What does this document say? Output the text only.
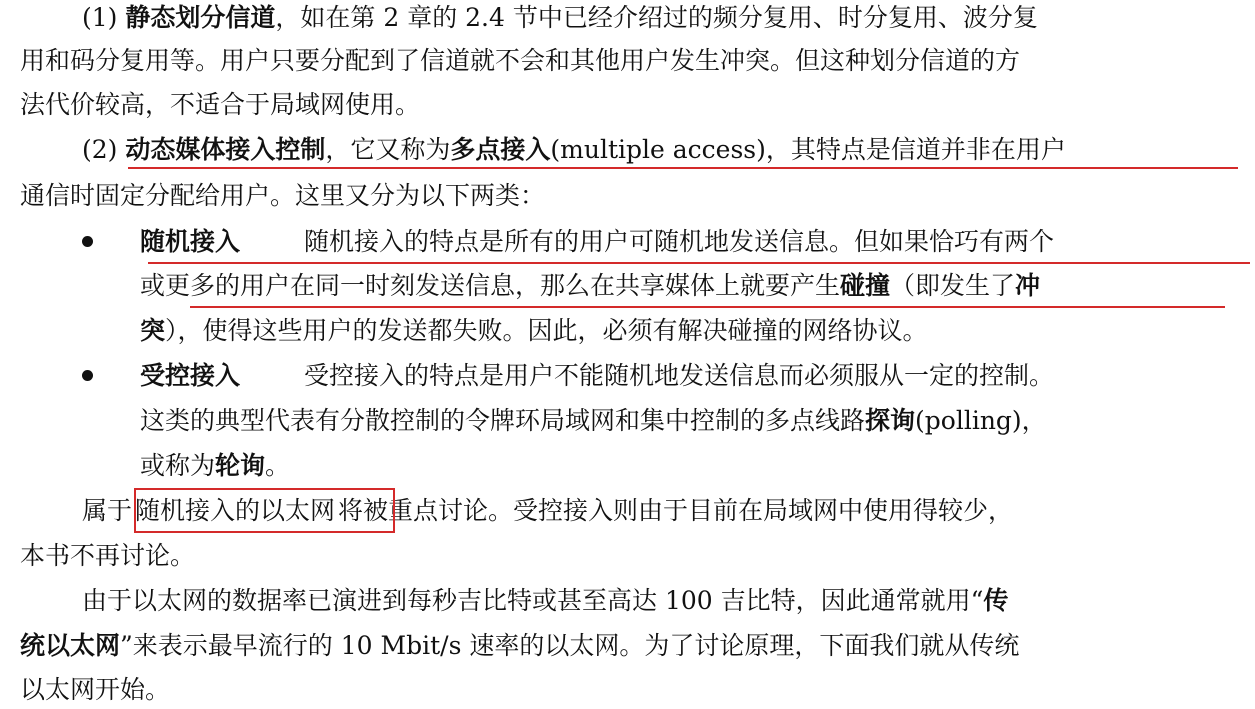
(1) 静态划分信道，如在第 2 章的 2.4 节中已经介绍过的频分复用、时分复用、波分复
用和码分复用等。用户只要分配到了信道就不会和其他用户发生冲突。但这种划分信道的方
法代价较高，不适合于局域网使用。
(2) 动态媒体接入控制，它又称为多点接入(multiple access)，其特点是信道并非在用户
通信时固定分配给用户。这里又分为以下两类：
随机接入	随机接入的特点是所有的用户可随机地发送信息。但如果恰巧有两个
或更多的用户在同一时刻发送信息，那么在共享媒体上就要产生碰撞（即发生了冲
突），使得这些用户的发送都失败。因此，必须有解决碰撞的网络协议。
受控接入	受控接入的特点是用户不能随机地发送信息而必须服从一定的控制。
这类的典型代表有分散控制的令牌环局域网和集中控制的多点线路探询(polling)，
或称为轮询。
属于 随机接入的以太网 将被重点讨论。受控接入则由于目前在局域网中使用得较少，
本书不再讨论。
由于以太网的数据率已演进到每秒吉比特或甚至高达 100 吉比特，因此通常就用“传
统以太网”来表示最早流行的 10 Mbit/s 速率的以太网。为了讨论原理，下面我们就从传统
以太网开始。
